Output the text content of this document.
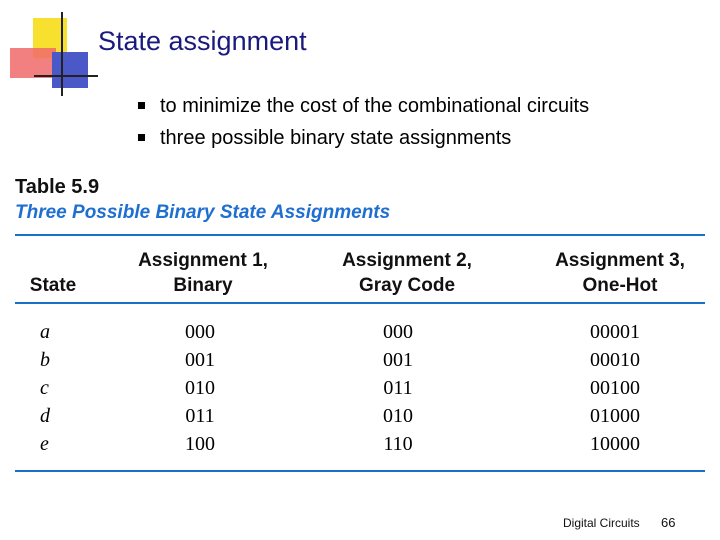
State assignment
to minimize the cost of the combinational circuits
three possible binary state assignments
Table 5.9
Three Possible Binary State Assignments
State
Assignment 1,
Binary
Assignment 2,
Gray Code
Assignment 3,
One-Hot
a
b
c
d
e
000
001
010
011
100
000
001
011
010
110
00001
00010
00100
01000
10000
Digital Circuits 66
